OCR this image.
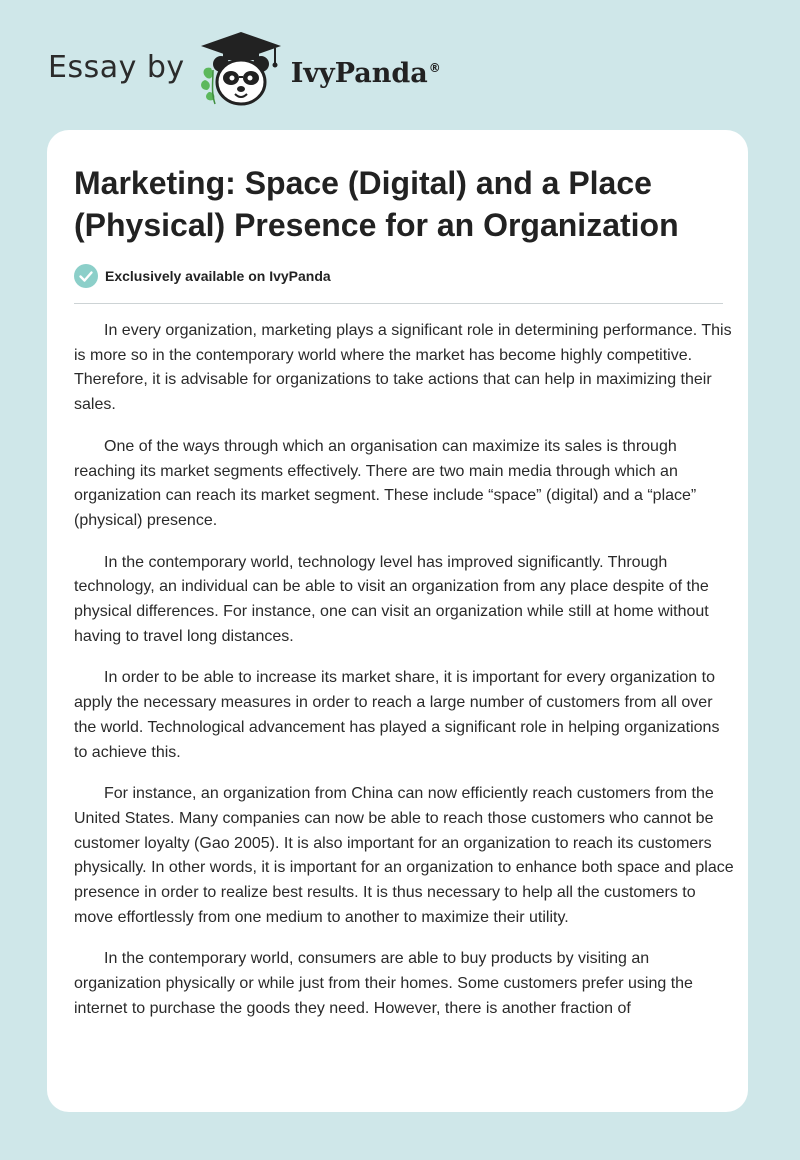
Essay by	IvyPanda®
Marketing: Space (Digital) and a Place (Physical) Presence for an Organization
Exclusively available on IvyPanda

In every organization, marketing plays a significant role in determining performance. This is more so in the contemporary world where the market has become highly competitive. Therefore, it is advisable for organizations to take actions that can help in maximizing their sales.

One of the ways through which an organisation can maximize its sales is through reaching its market segments effectively. There are two main media through which an organization can reach its market segment. These include “space” (digital) and a “place” (physical) presence.

In the contemporary world, technology level has improved significantly. Through technology, an individual can be able to visit an organization from any place despite of the physical differences. For instance, one can visit an organization while still at home without having to travel long distances.

In order to be able to increase its market share, it is important for every organization to apply the necessary measures in order to reach a large number of customers from all over the world. Technological advancement has played a significant role in helping organizations to achieve this.

For instance, an organization from China can now efficiently reach customers from the United States. Many companies can now be able to reach those customers who cannot be customer loyalty (Gao 2005). It is also important for an organization to reach its customers physically. In other words, it is important for an organization to enhance both space and place presence in order to realize best results. It is thus necessary to help all the customers to move effortlessly from one medium to another to maximize their utility.

In the contemporary world, consumers are able to buy products by visiting an organization physically or while just from their homes. Some customers prefer using the internet to purchase the goods they need. However, there is another fraction of
